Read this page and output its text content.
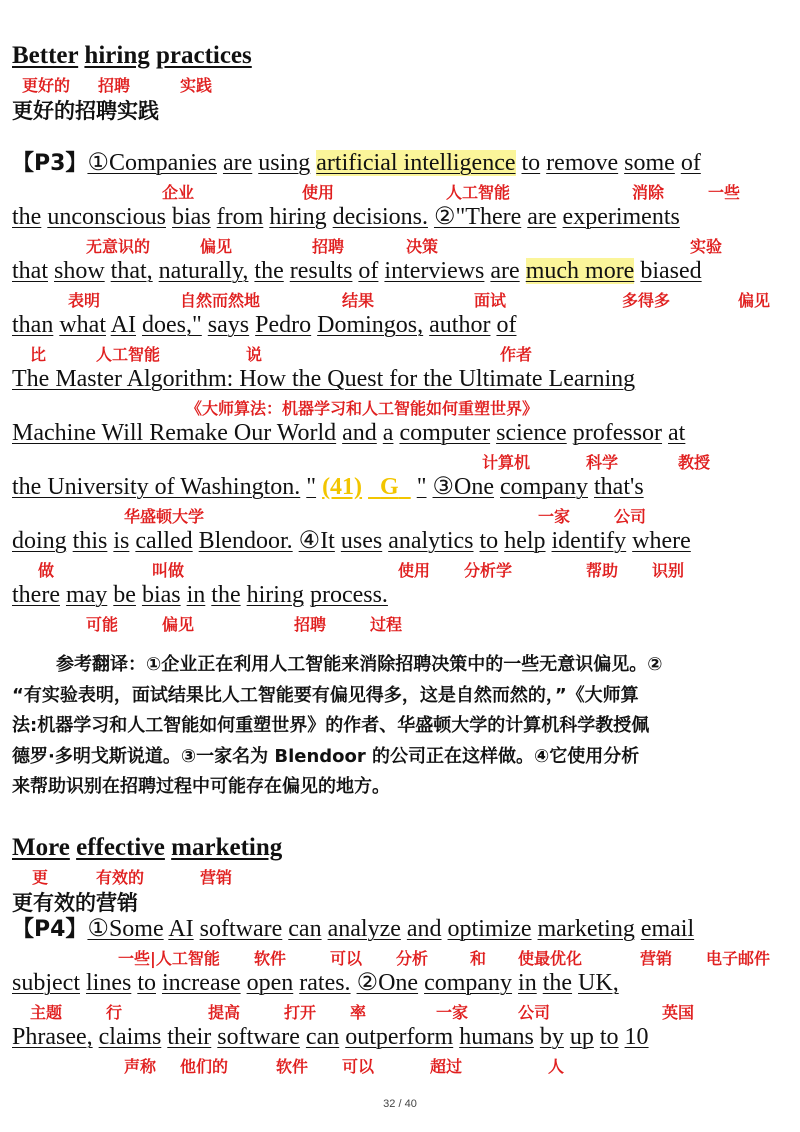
Better hiring practices
更好的 招聘	实践
更好的招聘实践
【P3】①Companies are using artificial intelligence to remove some of
企业	使用	人工智能	消除	一些
the unconscious bias from hiring decisions. ②"There are experiments
无意识的	偏见	招聘	决策	实验
that show that, naturally, the results of interviews are much more biased
表明	自然而然地	结果	面试	多得多	偏见
than what AI does," says Pedro Domingos, author of
比	人工智能	说	作者
The Master Algorithm: How the Quest for the Ultimate Learning
《大师算法：机器学习和人工智能如何重塑世界》
Machine Will Remake Our World and a computer science professor at
计算机	科学	教授
the University of Washington. " (41) G " ③One company that's
华盛顿大学	一家	公司
doing this is called Blendoor. ④It uses analytics to help identify where
做	叫做	使用 分析学	帮助 识别
there may be bias in the hiring process.
可能	偏见	招聘	过程
参考翻译：①企业正在利用人工智能来消除招聘决策中的一些无意识偏见。②
“有实验表明，面试结果比人工智能要有偏见得多，这是自然而然的，”《大师算
法:机器学习和人工智能如何重塑世界》的作者、华盛顿大学的计算机科学教授佩
德罗·多明戈斯说道。③一家名为 Blendoor 的公司正在这样做。④它使用分析
来帮助识别在招聘过程中可能存在偏见的地方。
More effective marketing
更	有效的	营销
更有效的营销
【P4】①Some AI software can analyze and optimize marketing email
一些|人工智能 软件	可以 分析	和 使最优化	营销 电子邮件
subject lines to increase open rates. ②One company in the UK,
主题	行	提高	打开 率	一家	公司	英国
Phrasee, claims their software can outperform humans by up to 10
声称 他们的	软件 可以	超过	人
32 / 40
